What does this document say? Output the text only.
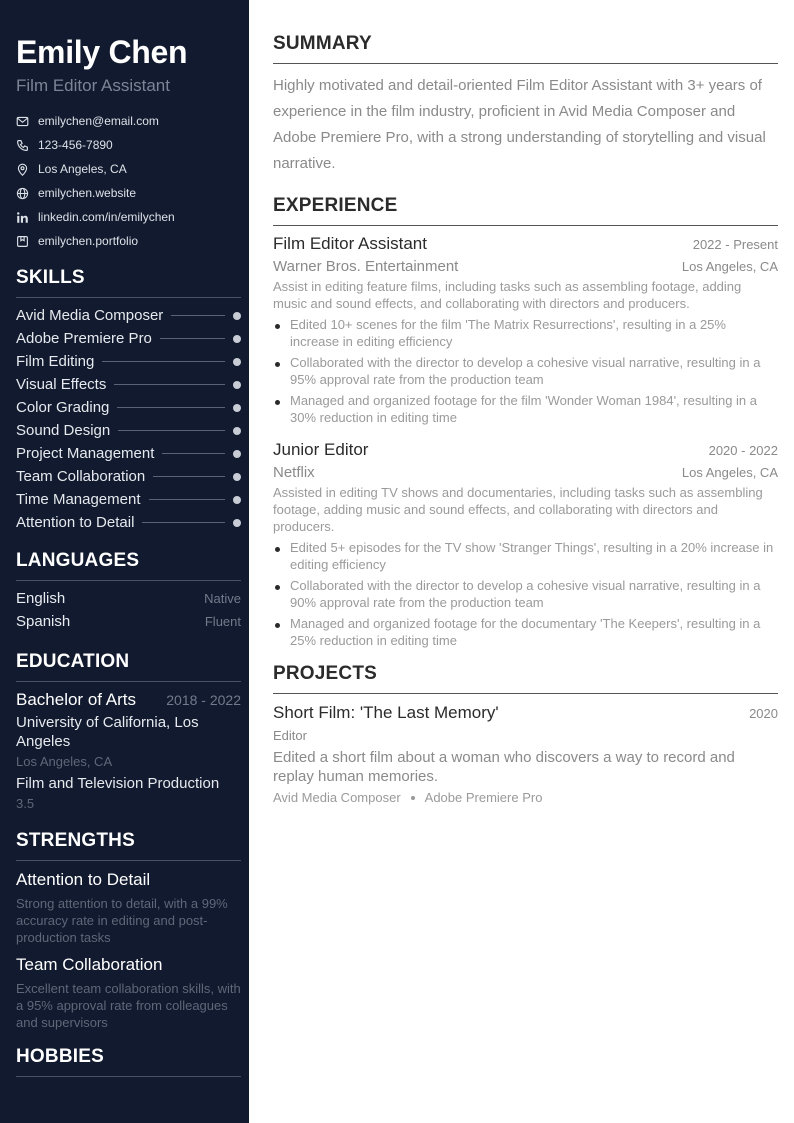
Emily Chen
Film Editor Assistant
emilychen@email.com
123-456-7890
Los Angeles, CA
emilychen.website
linkedin.com/in/emilychen
emilychen.portfolio
SKILLS
Avid Media Composer
Adobe Premiere Pro
Film Editing
Visual Effects
Color Grading
Sound Design
Project Management
Team Collaboration
Time Management
Attention to Detail
LANGUAGES
English	Native
Spanish	Fluent
EDUCATION
Bachelor of Arts 2018 - 2022
University of California, Los Angeles
Los Angeles, CA
Film and Television Production
3.5
STRENGTHS
Attention to Detail
Strong attention to detail, with a 99% accuracy rate in editing and post-production tasks
Team Collaboration
Excellent team collaboration skills, with a 95% approval rate from colleagues and supervisors
HOBBIES
SUMMARY

Highly motivated and detail-oriented Film Editor Assistant with 3+ years of experience in the film industry, proficient in Avid Media Composer and Adobe Premiere Pro, with a strong understanding of storytelling and visual narrative.

EXPERIENCE
Film Editor Assistant	2022 - Present
Warner Bros. Entertainment	Los Angeles, CA
Assist in editing feature films, including tasks such as assembling footage, adding music and sound effects, and collaborating with directors and producers.
Edited 10+ scenes for the film 'The Matrix Resurrections', resulting in a 25% increase in editing efficiency
Collaborated with the director to develop a cohesive visual narrative, resulting in a 95% approval rate from the production team
Managed and organized footage for the film 'Wonder Woman 1984', resulting in a 30% reduction in editing time
Junior Editor	2020 - 2022
Netflix	Los Angeles, CA
Assisted in editing TV shows and documentaries, including tasks such as assembling footage, adding music and sound effects, and collaborating with directors and producers.
Edited 5+ episodes for the TV show 'Stranger Things', resulting in a 20% increase in editing efficiency
Collaborated with the director to develop a cohesive visual narrative, resulting in a 90% approval rate from the production team
Managed and organized footage for the documentary 'The Keepers', resulting in a 25% reduction in editing time
PROJECTS
Short Film: 'The Last Memory'	2020
Editor
Edited a short film about a woman who discovers a way to record and replay human memories.
Avid Media Composer Adobe Premiere Pro
